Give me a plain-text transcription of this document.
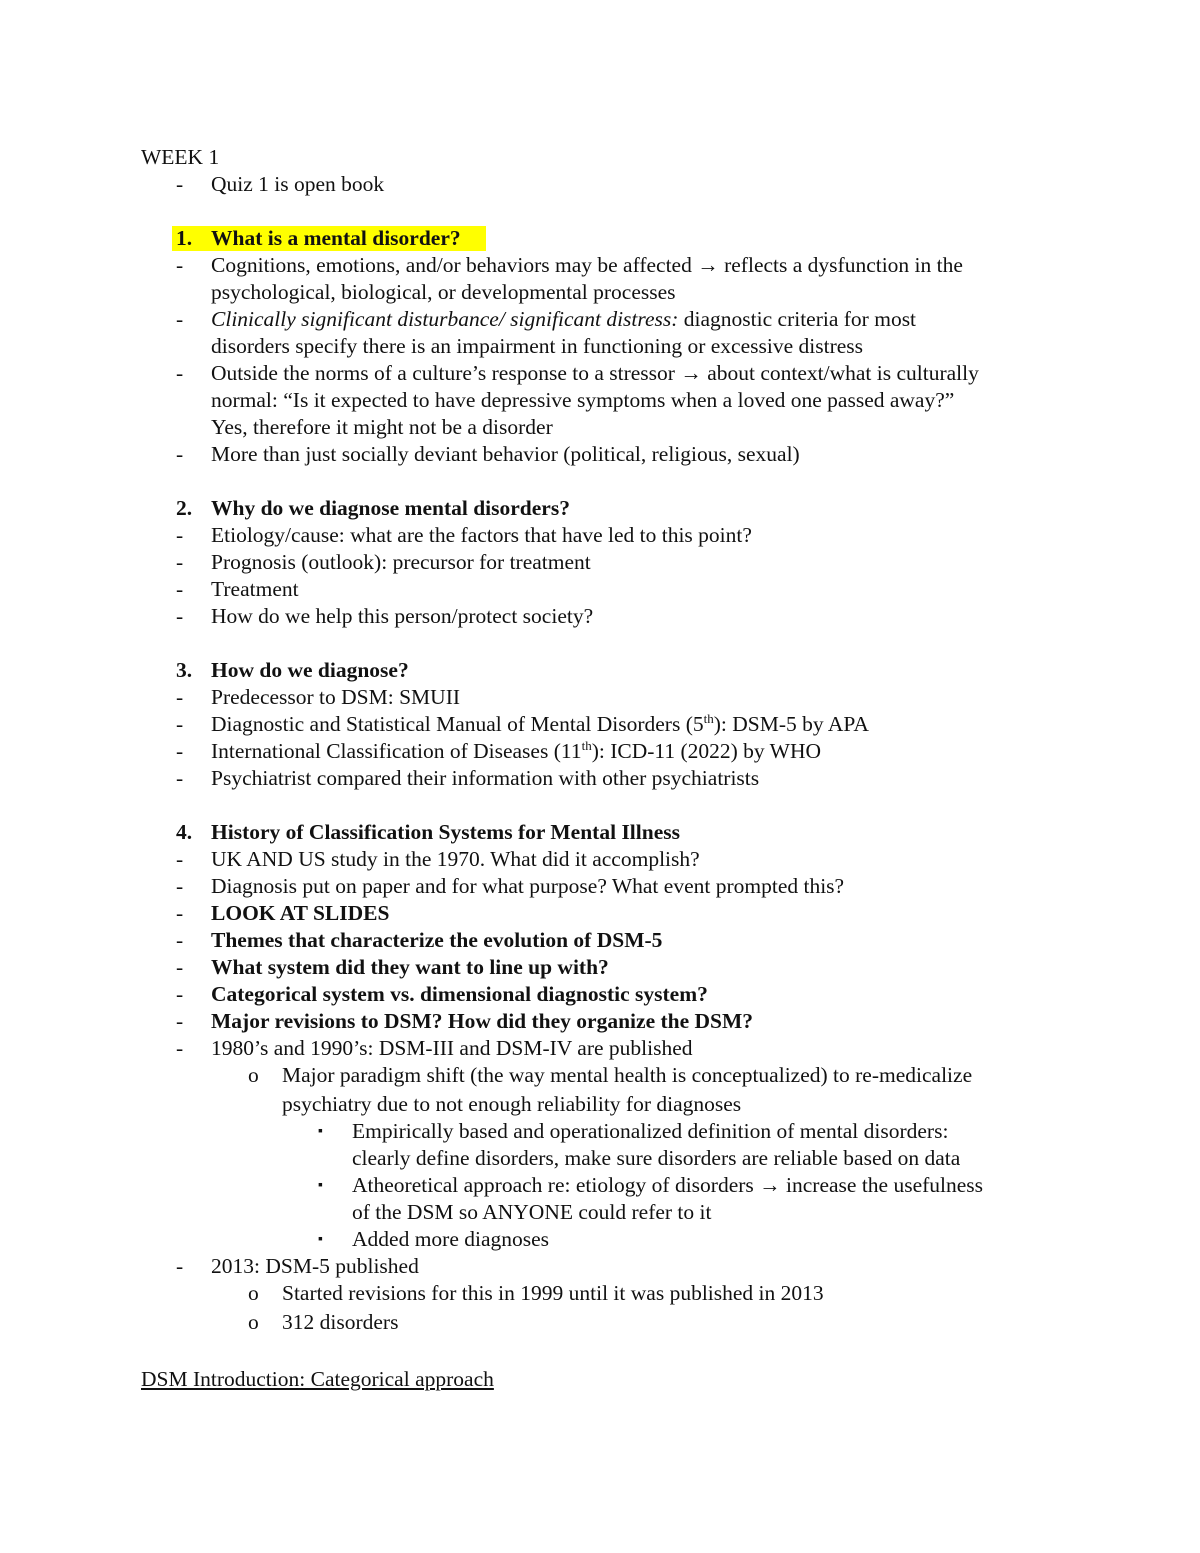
WEEK 1
- Quiz 1 is open book
1. What is a mental disorder?
- Cognitions, emotions, and/or behaviors may be affected → reflects a dysfunction in the
psychological, biological, or developmental processes
- Clinically significant disturbance/ significant distress: diagnostic criteria for most
disorders specify there is an impairment in functioning or excessive distress
- Outside the norms of a culture’s response to a stressor → about context/what is culturally
normal: “Is it expected to have depressive symptoms when a loved one passed away?”
Yes, therefore it might not be a disorder
- More than just socially deviant behavior (political, religious, sexual)
2. Why do we diagnose mental disorders?
- Etiology/cause: what are the factors that have led to this point?
- Prognosis (outlook): precursor for treatment
- Treatment
- How do we help this person/protect society?
3. How do we diagnose?
- Predecessor to DSM: SMUII
- Diagnostic and Statistical Manual of Mental Disorders (5th): DSM-5 by APA
- International Classification of Diseases (11th): ICD-11 (2022) by WHO
- Psychiatrist compared their information with other psychiatrists
4. History of Classification Systems for Mental Illness
- UK AND US study in the 1970. What did it accomplish?
- Diagnosis put on paper and for what purpose? What event prompted this?
- LOOK AT SLIDES
- Themes that characterize the evolution of DSM-5
- What system did they want to line up with?
- Categorical system vs. dimensional diagnostic system?
- Major revisions to DSM? How did they organize the DSM?
- 1980’s and 1990’s: DSM-III and DSM-IV are published
o Major paradigm shift (the way mental health is conceptualized) to re-medicalize
psychiatry due to not enough reliability for diagnoses
▪ Empirically based and operationalized definition of mental disorders:
clearly define disorders, make sure disorders are reliable based on data
▪ Atheoretical approach re: etiology of disorders → increase the usefulness
of the DSM so ANYONE could refer to it
▪ Added more diagnoses
- 2013: DSM-5 published
o Started revisions for this in 1999 until it was published in 2013
o 312 disorders
DSM Introduction: Categorical approach
